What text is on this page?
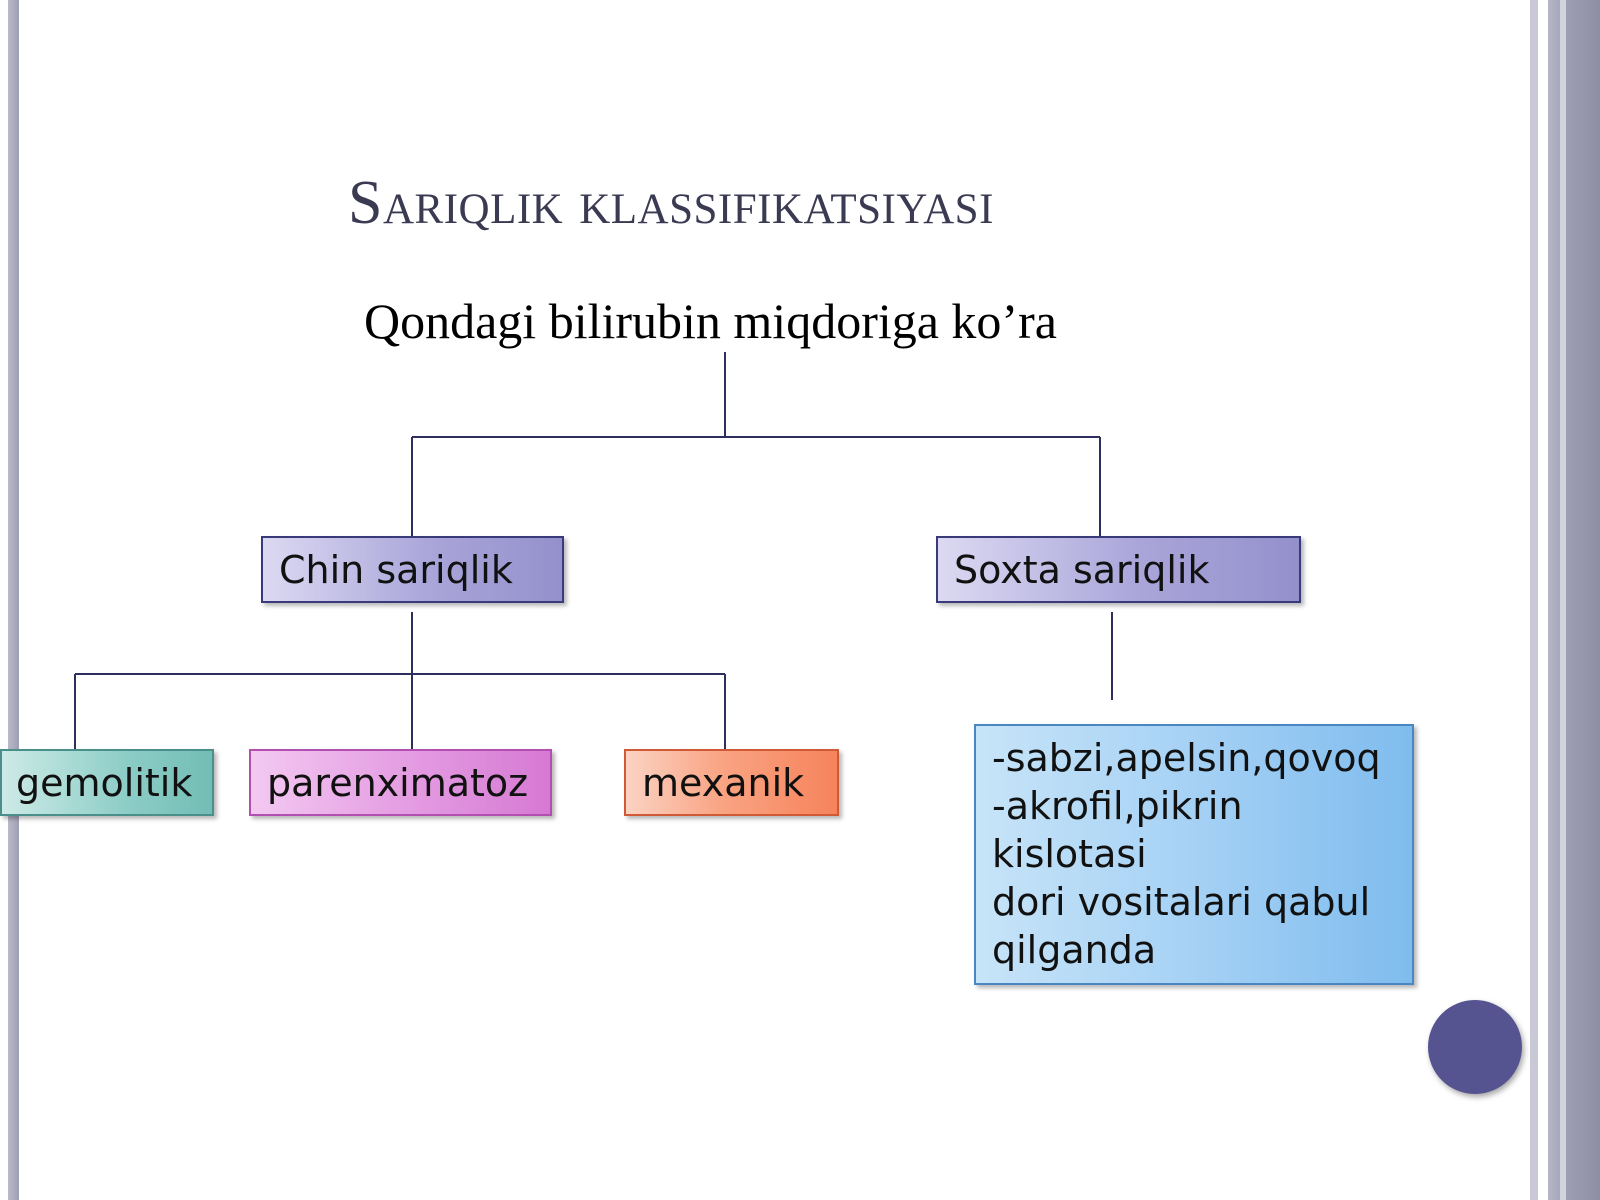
Sariqlik klassifikatsiyasi
Qondagi bilirubin miqdoriga ko’ra
Chin sariqlik	Soxta sariqlik
gemolitik	parenximatoz	mexanik
-sabzi,apelsin,qovoq
-akrofil,pikrin
kislotasi
dori vositalari qabul
qilganda
